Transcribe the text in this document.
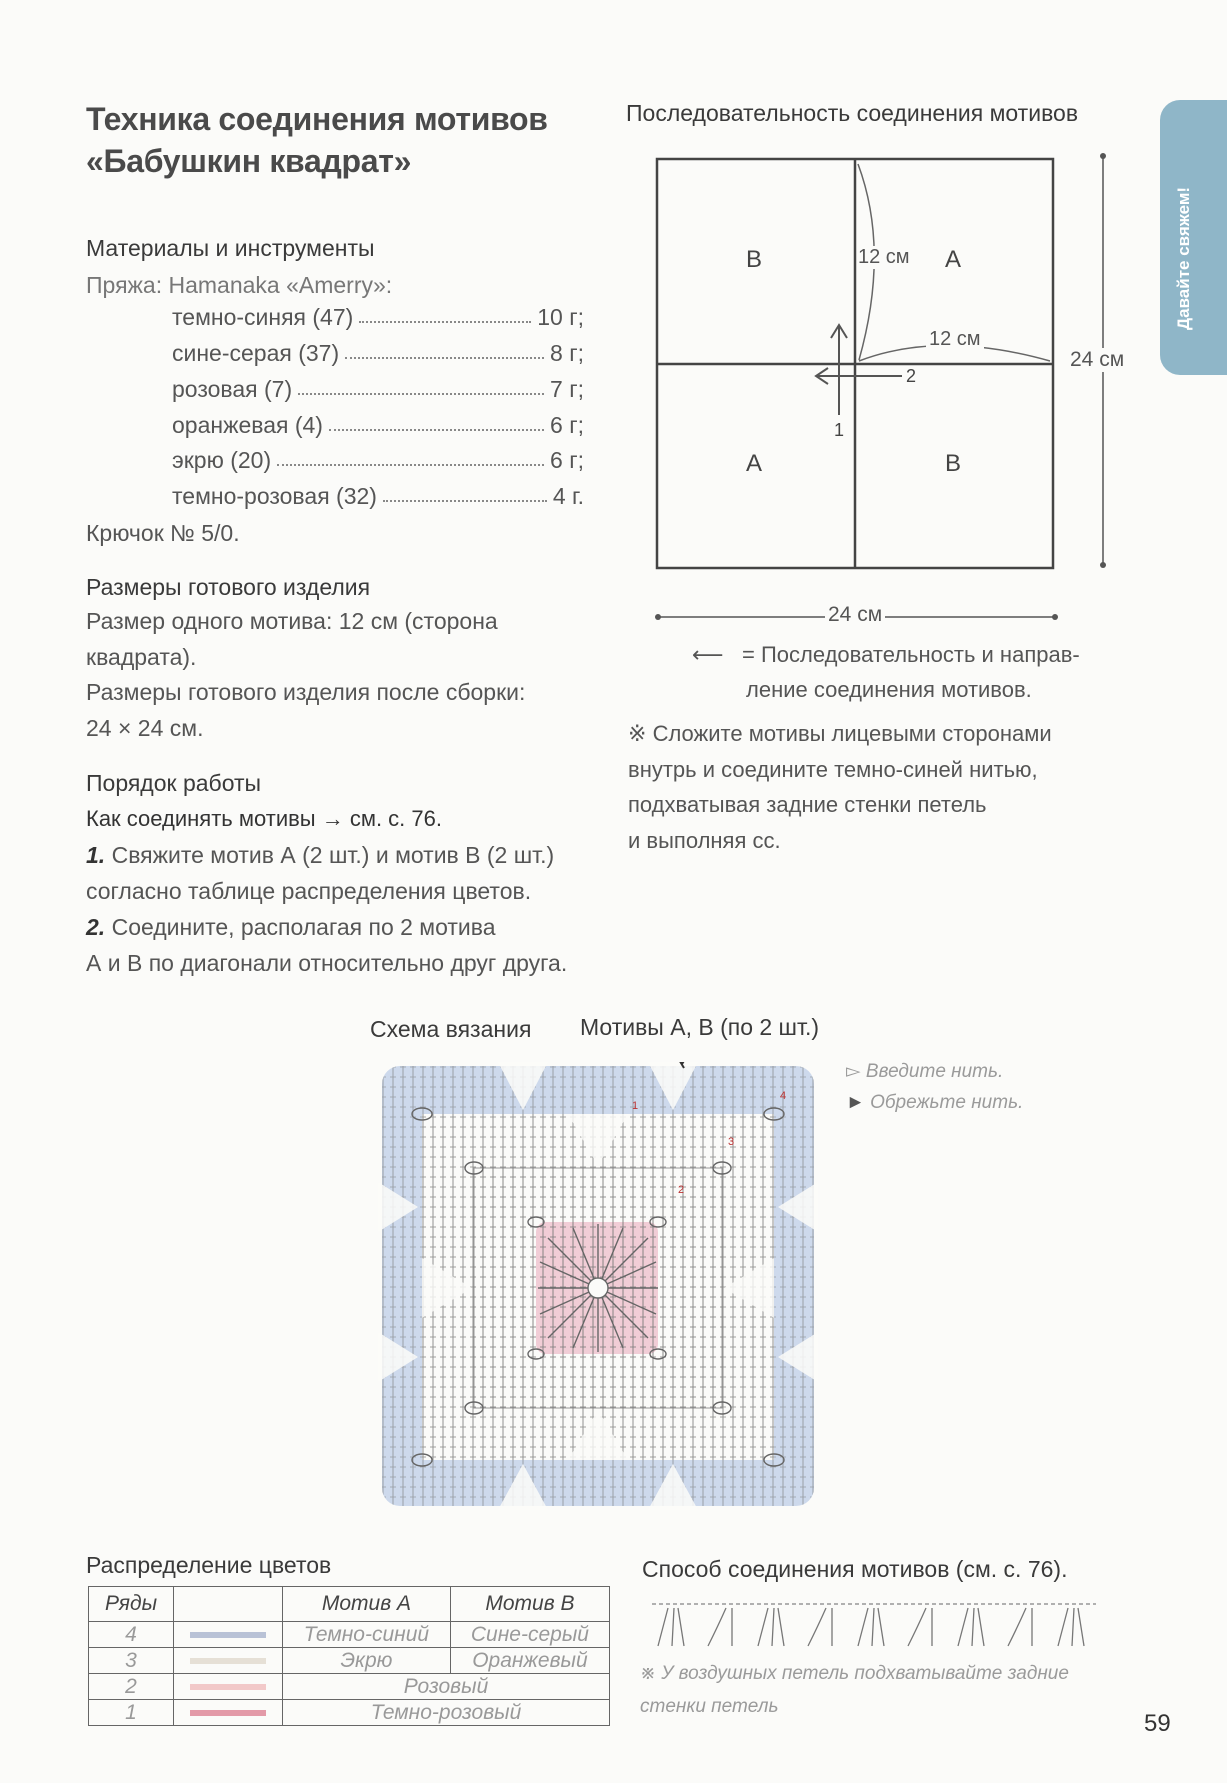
Давайте свяжем!
Техника соединения мотивов
«Бабушкин квадрат»
Материалы и инструменты
Пряжа: Hamanaka «Amerry»:
темно-синяя (47)	10 г;
сине-серая (37)	8 г;
розовая (7)	7 г;
оранжевая (4)	6 г;
экрю (20)	6 г;
темно-розовая (32)	4 г.
Крючок № 5/0.
Размеры готового изделия
Размер одного мотива: 12 см (сторона
квадрата).
Размеры готового изделия после сборки:
24 × 24 см.
Порядок работы
Как соединять мотивы → см. с. 76.
1. Свяжите мотив А (2 шт.) и мотив В (2 шт.)
согласно таблице распределения цветов.
2. Соедините, располагая по 2 мотива
А и В по диагонали относительно друг друга.
Последовательность соединения мотивов
B	A
A	B
12 см
12 см
24 см
24 см
2
1
⟵ = Последовательность и направ-
ление соединения мотивов.
※ Сложите мотивы лицевыми сторонами
внутрь и соедините темно-синей нитью,
подхватывая задние стенки петель
и выполняя сс.
Схема вязания Мотивы А, В (по 2 шт.)
▻ Введите нить.
► Обрежьте нить.
1
2
3
4
Распределение цветов
Ряды		Мотив А	Мотив В
4		Темно-синий	Сине-серый
3		Экрю	Оранжевый
2		Розовый	
1		Темно-розовый	
Способ соединения мотивов (см. с. 76).
※ У воздушных петель подхватывайте задние
стенки петель
59
